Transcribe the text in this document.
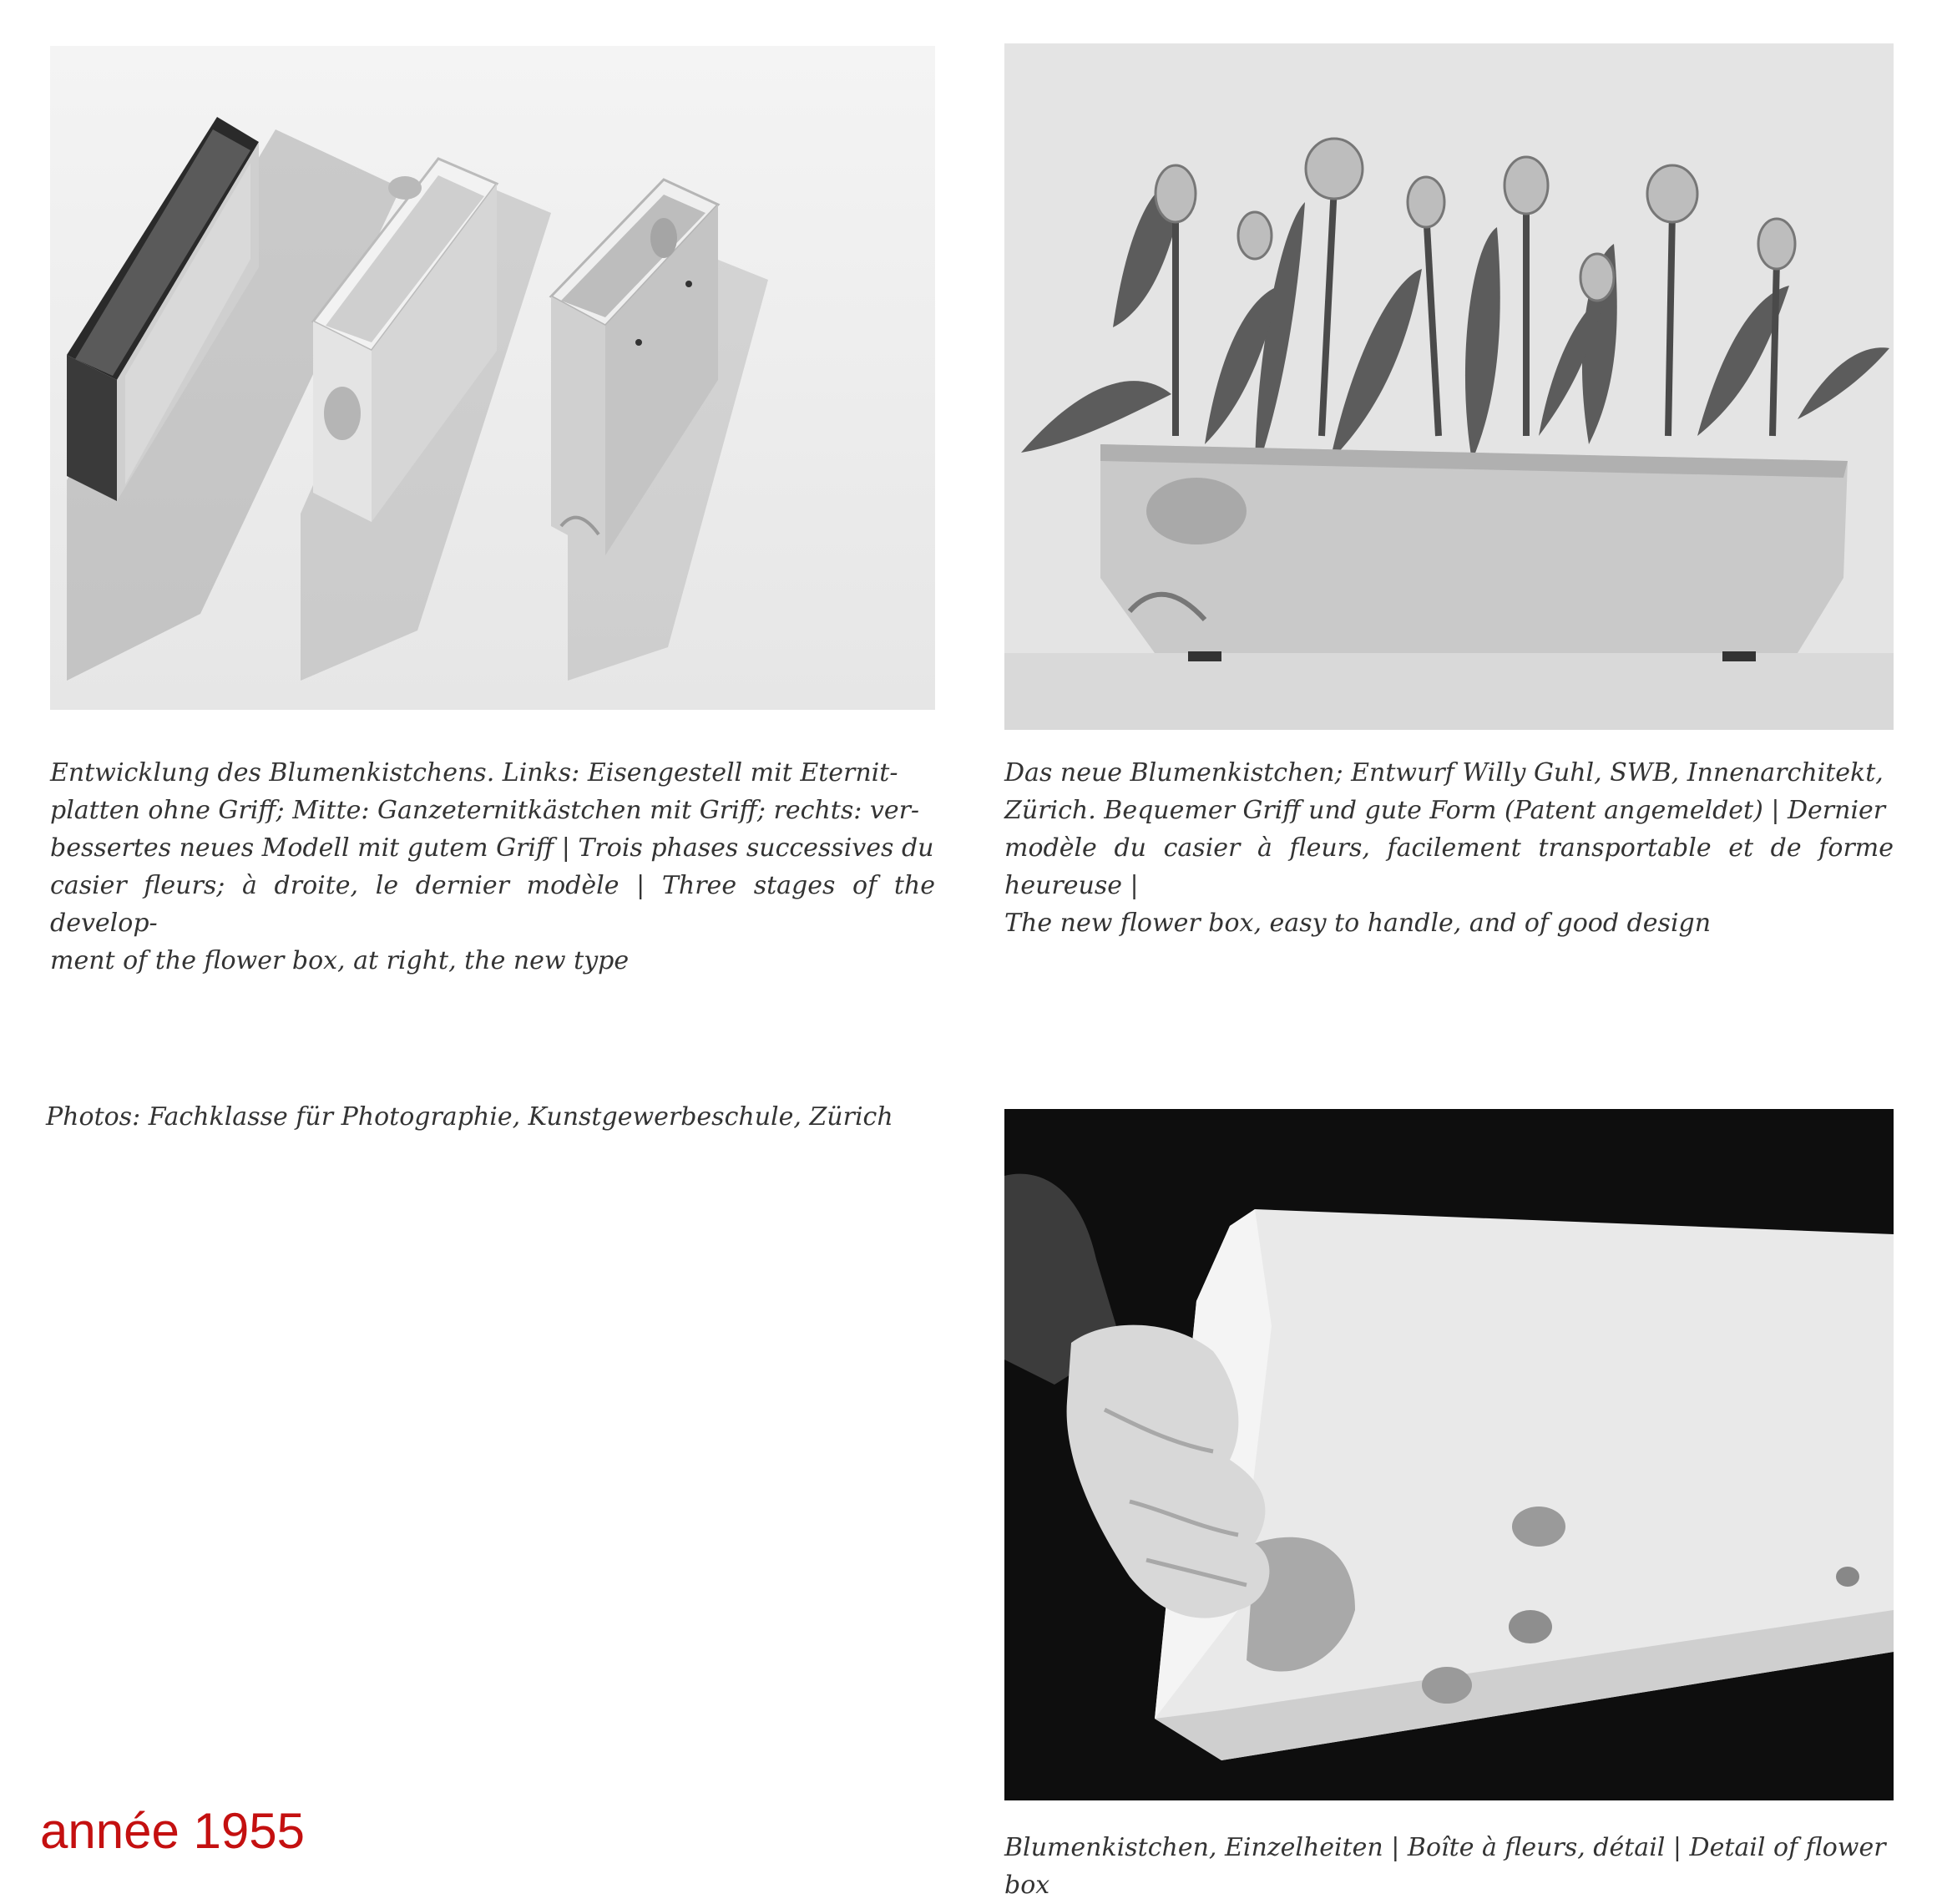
Entwicklung des Blumenkistchens. Links: Eisengestell mit Eternit-
platten ohne Griff; Mitte: Ganzeternitkästchen mit Griff; rechts: ver-
bessertes neues Modell mit gutem Griff | Trois phases successives du
casier fleurs; à droite, le dernier modèle | Three stages of the develop-
ment of the flower box, at right, the new type

Das neue Blumenkistchen; Entwurf Willy Guhl, SWB, Innenarchitekt,
Zürich. Bequemer Griff und gute Form (Patent angemeldet) | Dernier
modèle du casier à fleurs, facilement transportable et de forme heureuse |
The new flower box, easy to handle, and of good design

Blumenkistchen, Einzelheiten | Boîte à fleurs, détail | Detail of flower box

Photos: Fachklasse für Photographie, Kunstgewerbeschule, Zürich

année 1955
